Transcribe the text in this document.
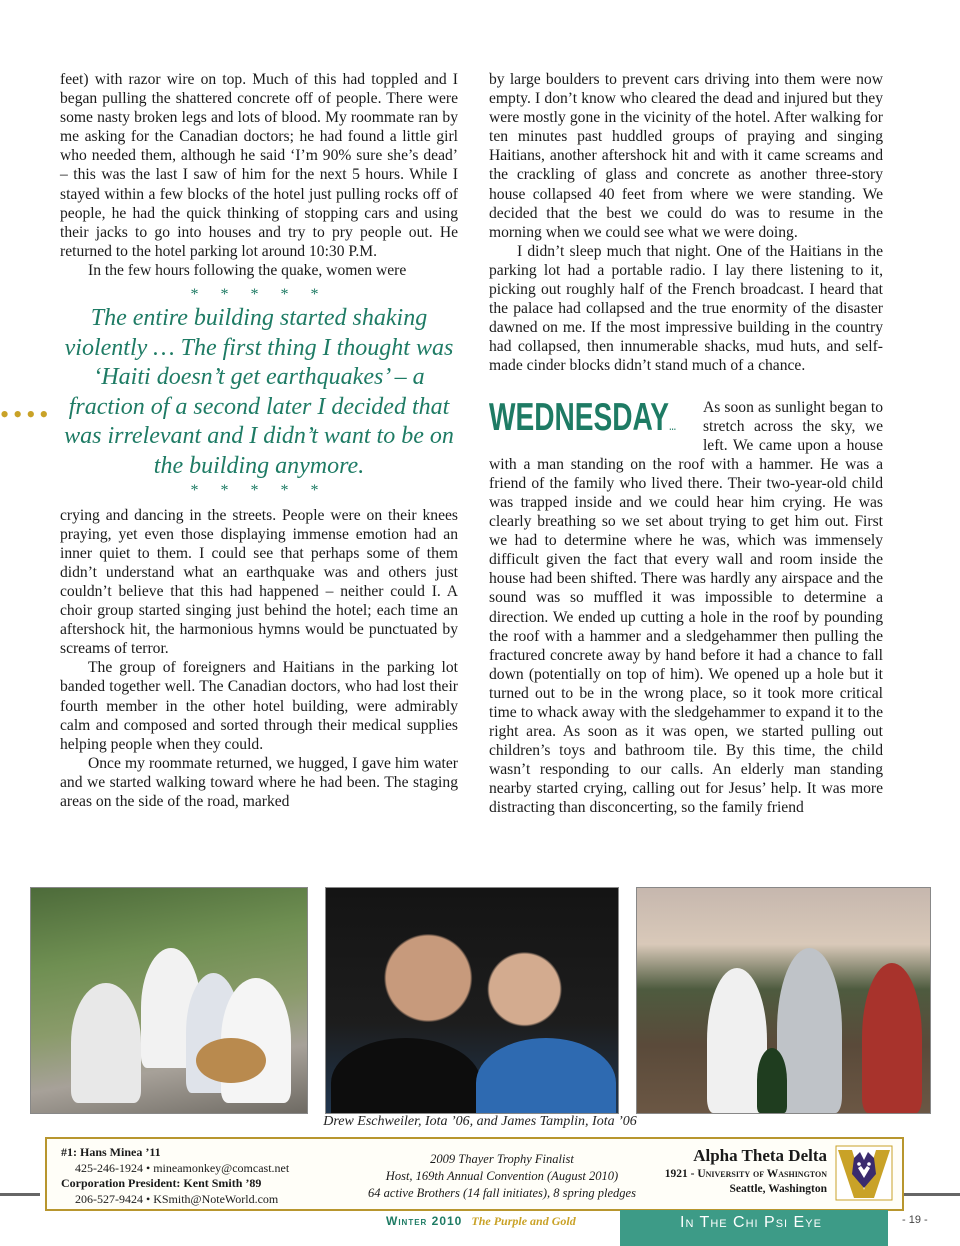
feet) with razor wire on top. Much of this had toppled and I began pulling the shattered concrete off of people. There were some nasty broken legs and lots of blood. My roommate ran by me asking for the Canadian doctors; he had found a little girl who needed them, although he said ‘I’m 90% sure she’s dead’ – this was the last I saw of him for the next 5 hours. While I stayed within a few blocks of the hotel just pulling rocks off of people, he had the quick thinking of stopping cars and using their jacks to go into houses and try to pry people out. He returned to the hotel parking lot around 10:30 P.M.

In the few hours following the quake, women were

* * * * *
The entire building started shaking violently … The first thing I thought was ‘Haiti doesn’t get earthquakes’ – a fraction of a second later I decided that was irrelevant and I didn’t want to be on the building anymore.
* * * * *

crying and dancing in the streets. People were on their knees praying, yet even those displaying immense emotion had an inner quiet to them. I could see that perhaps some of them didn’t understand what an earthquake was and others just couldn’t believe that this had happened – neither could I. A choir group started singing just behind the hotel; each time an aftershock hit, the harmonious hymns would be punctuated by screams of terror.

The group of foreigners and Haitians in the parking lot banded together well. The Canadian doctors, who had lost their fourth member in the other hotel building, were admirably calm and composed and sorted through their medical supplies helping people when they could.

Once my roommate returned, we hugged, I gave him water and we started walking toward where he had been. The staging areas on the side of the road, marked

••••

by large boulders to prevent cars driving into them were now empty. I don’t know who cleared the dead and injured but they were mostly gone in the vicinity of the hotel. After walking for ten minutes past huddled groups of praying and singing Haitians, another aftershock hit and with it came screams and the crackling of glass and concrete as another three-story house collapsed 40 feet from where we were standing. We decided that the best we could do was to resume in the morning when we could see what we were doing.

I didn’t sleep much that night. One of the Haitians in the parking lot had a portable radio. I lay there listening to it, picking out roughly half of the French broadcast. I heard that the palace had collapsed and the true enormity of the disaster dawned on me. If the most impressive building in the country had collapsed, then innumerable shacks, mud huts, and self-made cinder blocks didn’t stand much of a chance.

WEDNESDAY…
As soon as sunlight began to stretch across the sky, we left. We came upon a house with a man standing on the roof with a hammer. He was a friend of the family who lived there. Their two-year-old child was trapped inside and we could hear him crying. He was clearly breathing so we set about trying to get him out. First we had to determine where he was, which was immensely difficult given the fact that every wall and room inside the house had been shifted. There was hardly any airspace and the sound was so muffled it was impossible to determine a direction. We ended up cutting a hole in the roof by pounding the roof with a hammer and a sledgehammer then pulling the fractured concrete away by hand before it had a chance to fall down (potentially on top of him). We opened up a hole but it turned out to be in the wrong place, so it took more critical time to whack away with the sledgehammer to expand it to the right area. As soon as it was open, we started pulling out children’s toys and bathroom tile. By this time, the child wasn’t responding to our calls. An elderly man standing nearby started crying, calling out for Jesus’ help. It was more distracting than disconcerting, so the family friend

Drew Eschweiler, Iota ’06, and James Tamplin, Iota ’06
#1: Hans Minea ’11
425-246-1924 • mineamonkey@comcast.net
Corporation President: Kent Smith ’89
206-527-9424 • KSmith@NoteWorld.com
2009 Thayer Trophy Finalist
Host, 169th Annual Convention (August 2010)
64 active Brothers (14 fall initiates), 8 spring pledges
Alpha Theta Delta
1921 - University of Washington
Seattle, Washington
Winter 2010 The Purple and Gold	In The Chi Psi Eye	- 19 -
